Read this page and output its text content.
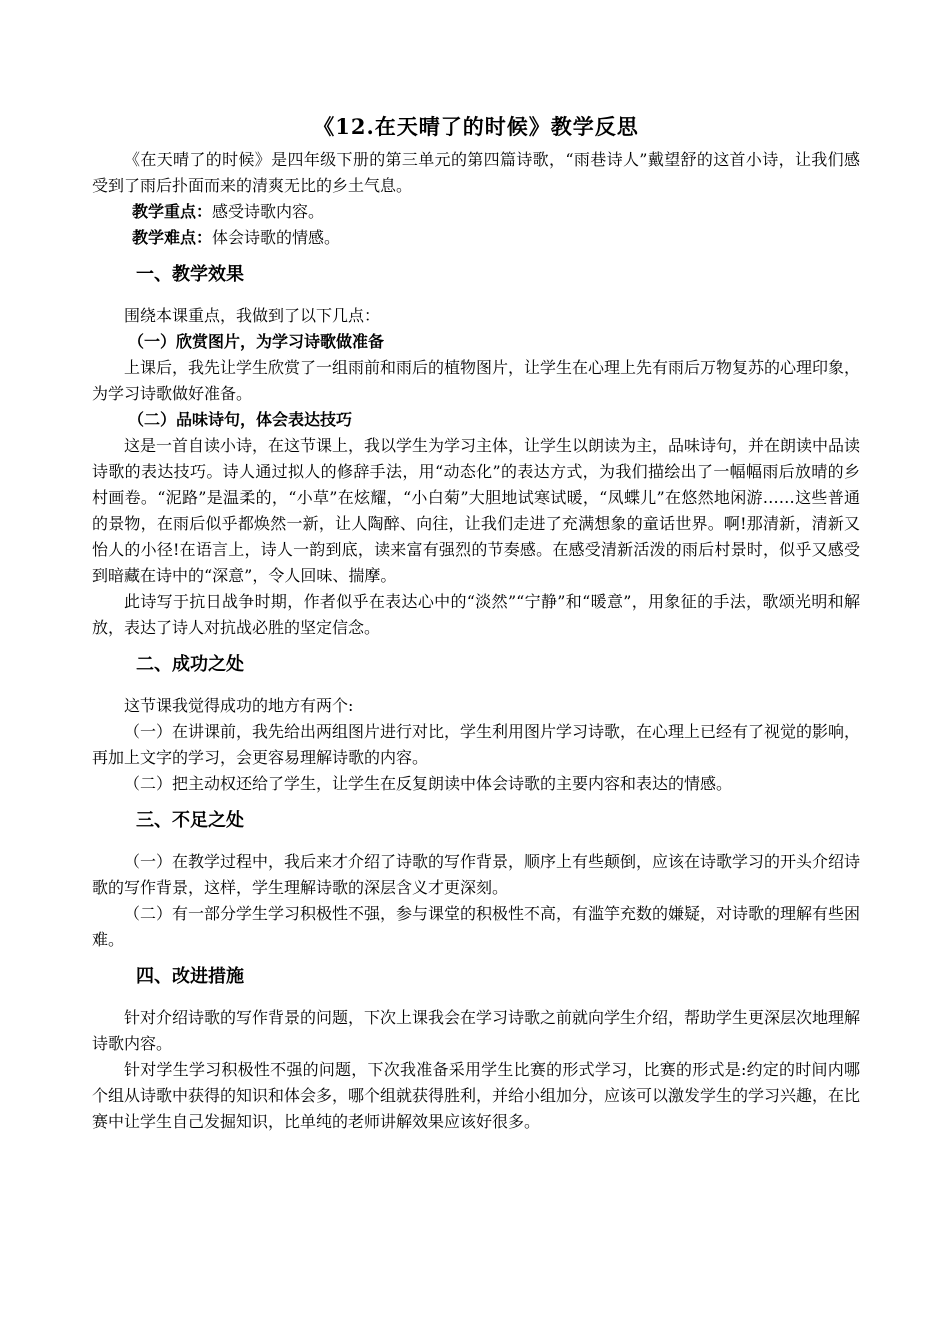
《12.在天晴了的时候》教学反思

《在天晴了的时候》是四年级下册的第三单元的第四篇诗歌，“雨巷诗人”戴望舒的这首小诗，让我们感受到了雨后扑面而来的清爽无比的乡土气息。

教学重点：感受诗歌内容。

教学难点：体会诗歌的情感。

一、教学效果

围绕本课重点，我做到了以下几点：

（一）欣赏图片，为学习诗歌做准备

上课后，我先让学生欣赏了一组雨前和雨后的植物图片，让学生在心理上先有雨后万物复苏的心理印象，为学习诗歌做好准备。

（二）品味诗句，体会表达技巧

这是一首自读小诗，在这节课上，我以学生为学习主体，让学生以朗读为主，品味诗句，并在朗读中品读诗歌的表达技巧。诗人通过拟人的修辞手法，用“动态化”的表达方式，为我们描绘出了一幅幅雨后放晴的乡村画卷。“泥路”是温柔的，“小草”在炫耀，“小白菊”大胆地试寒试暖，“凤蝶儿”在悠然地闲游……这些普通的景物，在雨后似乎都焕然一新，让人陶醉、向往，让我们走进了充满想象的童话世界。啊!那清新，清新又怡人的小径!在语言上，诗人一韵到底，读来富有强烈的节奏感。在感受清新活泼的雨后村景时，似乎又感受到暗藏在诗中的“深意”，令人回味、揣摩。

此诗写于抗日战争时期，作者似乎在表达心中的“淡然”“宁静”和“暖意”，用象征的手法，歌颂光明和解放，表达了诗人对抗战必胜的坚定信念。

二、成功之处

这节课我觉得成功的地方有两个:

（一）在讲课前，我先给出两组图片进行对比，学生利用图片学习诗歌，在心理上已经有了视觉的影响，再加上文字的学习，会更容易理解诗歌的内容。

（二）把主动权还给了学生，让学生在反复朗读中体会诗歌的主要内容和表达的情感。

三、不足之处

（一）在教学过程中，我后来才介绍了诗歌的写作背景，顺序上有些颠倒，应该在诗歌学习的开头介绍诗歌的写作背景，这样，学生理解诗歌的深层含义才更深刻。

（二）有一部分学生学习积极性不强，参与课堂的积极性不高，有滥竽充数的嫌疑，对诗歌的理解有些困难。

四、改进措施

针对介绍诗歌的写作背景的问题，下次上课我会在学习诗歌之前就向学生介绍，帮助学生更深层次地理解诗歌内容。

针对学生学习积极性不强的问题，下次我准备采用学生比赛的形式学习，比赛的形式是:约定的时间内哪个组从诗歌中获得的知识和体会多，哪个组就获得胜利，并给小组加分，应该可以激发学生的学习兴趣，在比赛中让学生自己发掘知识，比单纯的老师讲解效果应该好很多。
